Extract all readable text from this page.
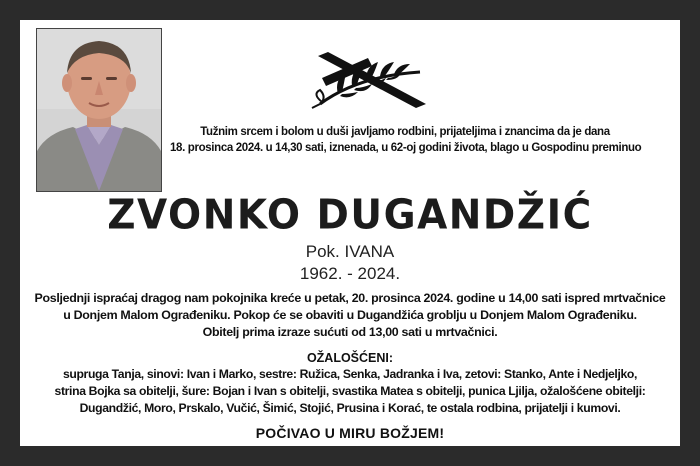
Tužnim srcem i bolom u duši javljamo rodbini, prijateljima i znancima da je dana
18. prosinca 2024. u 14,30 sati, iznenada, u 62-oj godini života, blago u Gospodinu preminuo
ZVONKO DUGANDŽIĆ
Pok. IVANA
1962. - 2024.
Posljednji ispraćaj dragog nam pokojnika kreće u petak, 20. prosinca 2024. godine u 14,00 sati ispred mrtvačnice
u Donjem Malom Ograđeniku. Pokop će se obaviti u Dugandžića groblju u Donjem Malom Ograđeniku.
Obitelj prima izraze sućuti od 13,00 sati u mrtvačnici.
OŽALOŠĆENI:
supruga Tanja, sinovi: Ivan i Marko, sestre: Ružica, Senka, Jadranka i Iva, zetovi: Stanko, Ante i Nedjeljko,
strina Bojka sa obitelji, šure: Bojan i Ivan s obitelji, svastika Matea s obitelji, punica Ljilja, ožalošćene obitelji:
Dugandžić, Moro, Prskalo, Vučić, Šimić, Stojić, Prusina i Korać, te ostala rodbina, prijatelji i kumovi.
POČIVAO U MIRU BOŽJEM!
